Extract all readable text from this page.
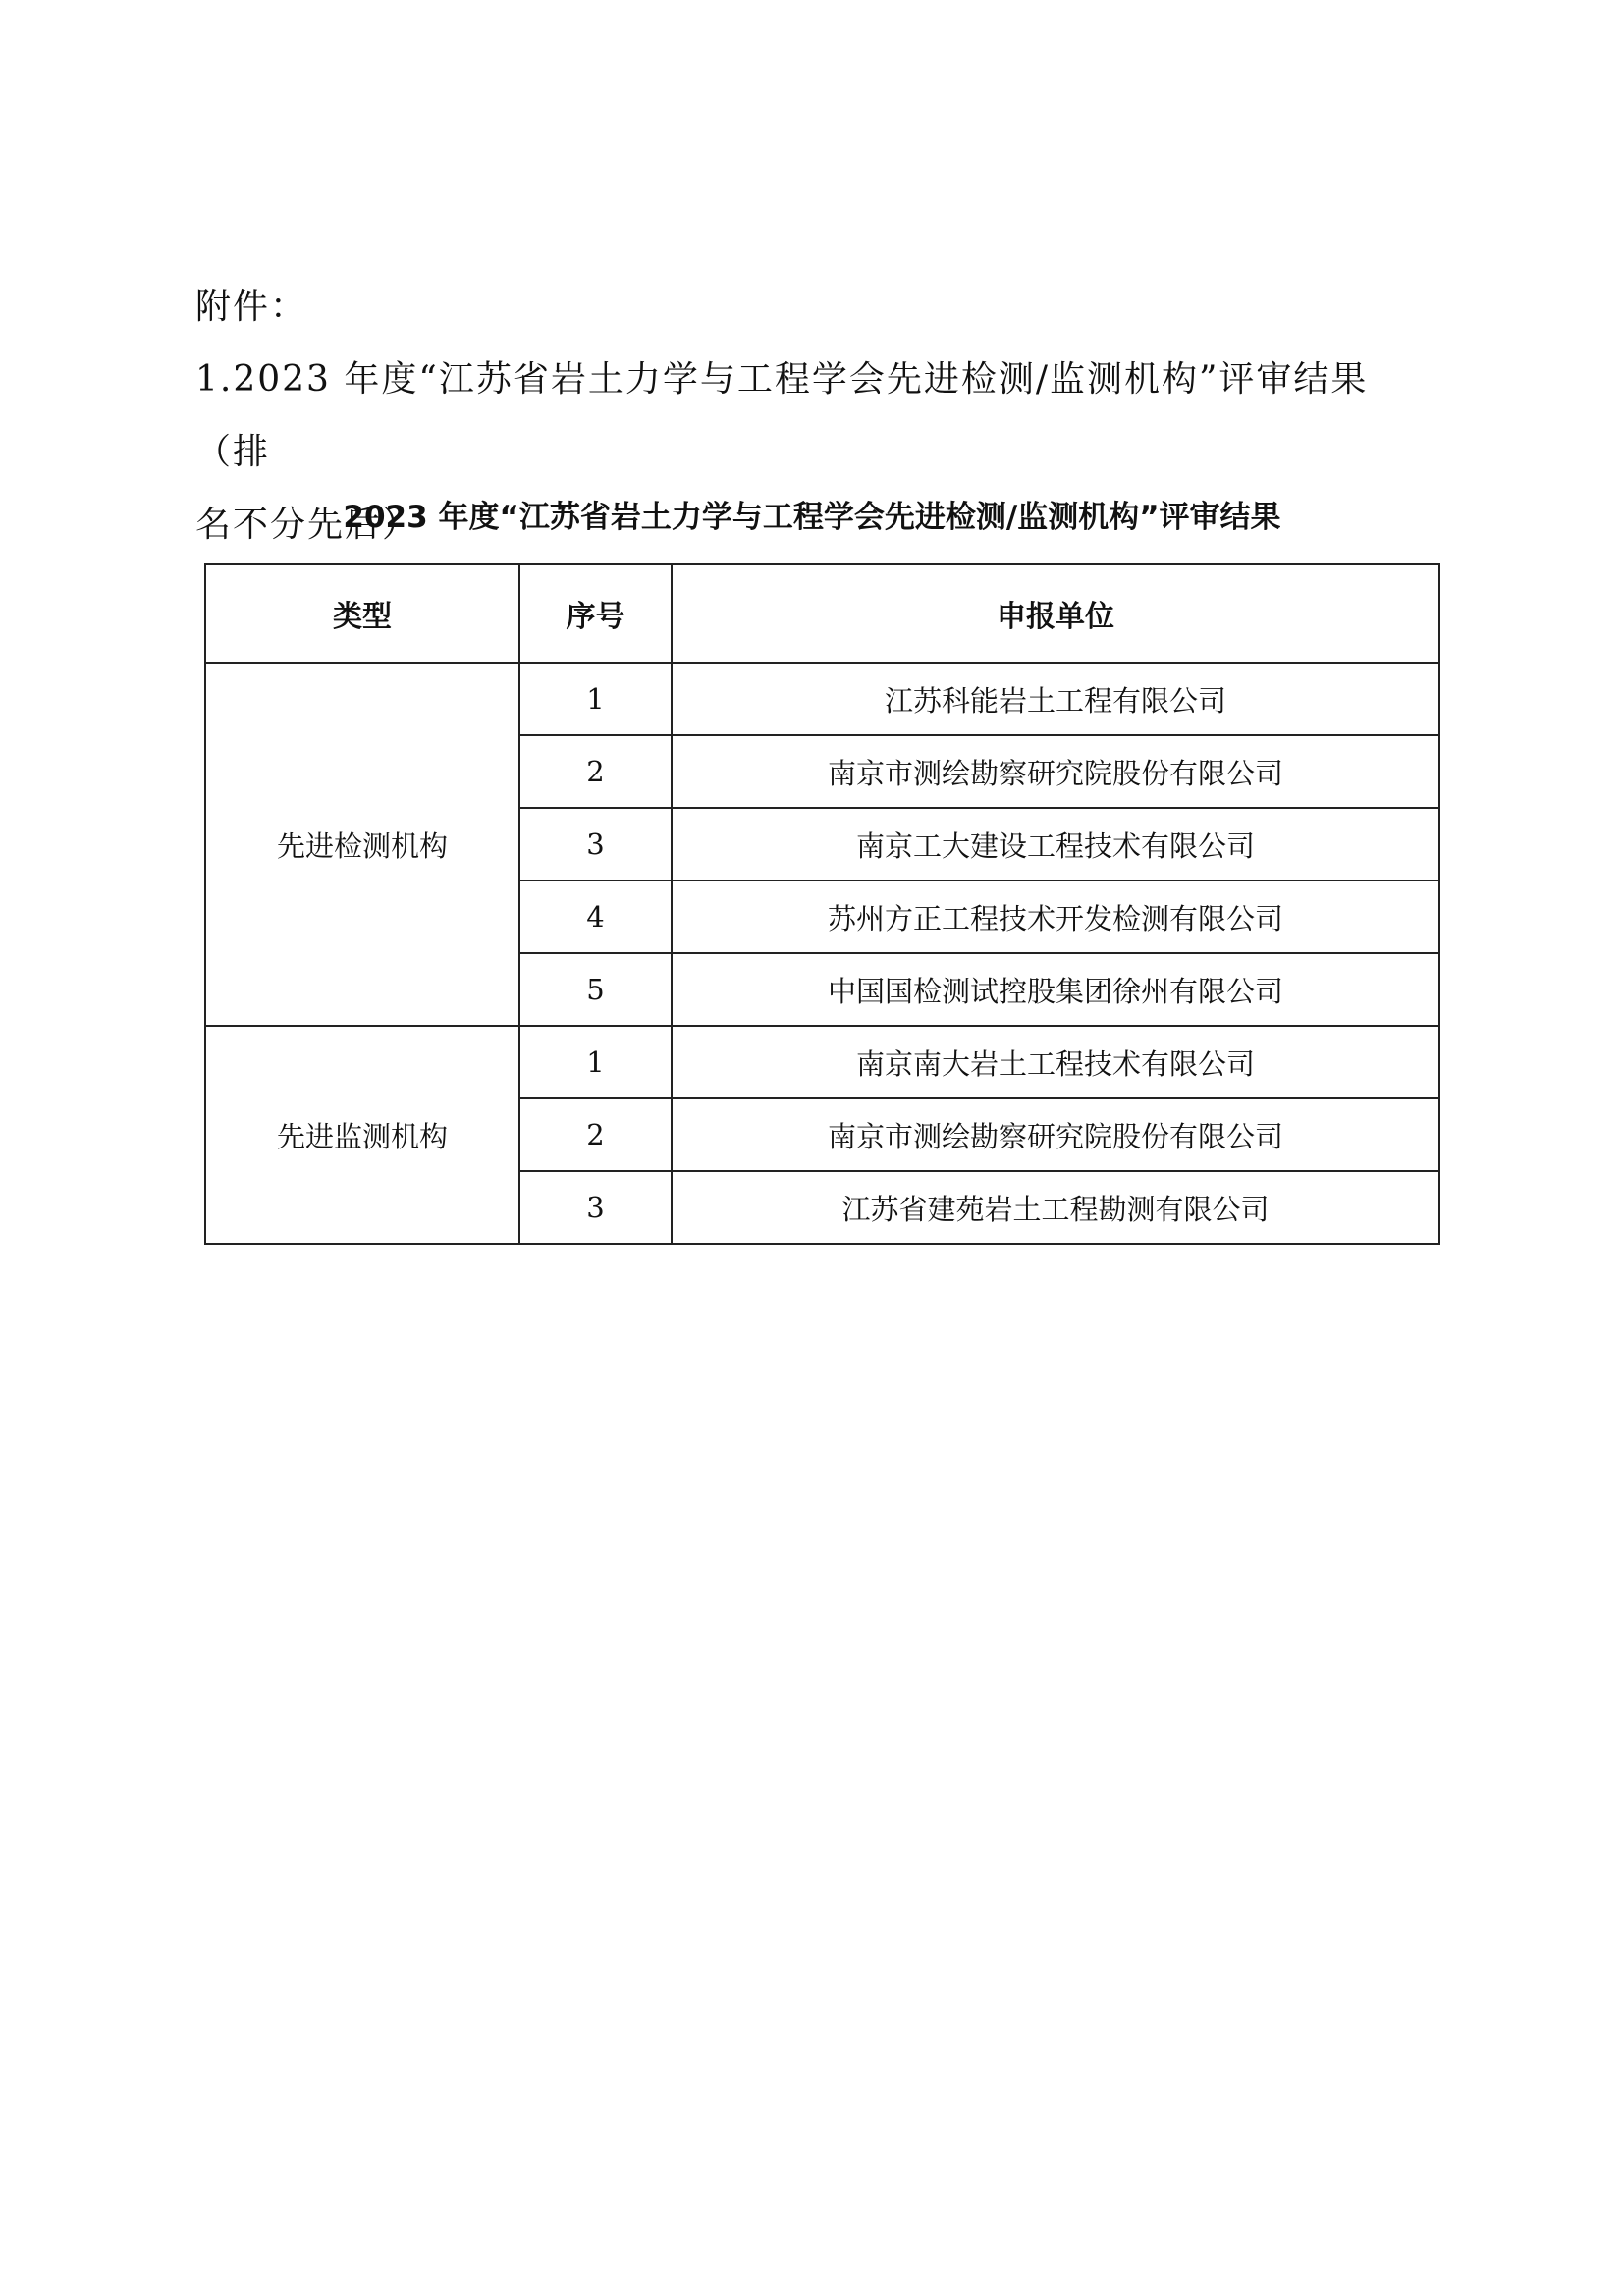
附件：

1.2023 年度“江苏省岩土力学与工程学会先进检测/监测机构”评审结果（排

名不分先后）

2023 年度“江苏省岩土力学与工程学会先进检测/监测机构”评审结果
类型	序号	申报单位
先进检测机构	1	江苏科能岩土工程有限公司
	2	南京市测绘勘察研究院股份有限公司
	3	南京工大建设工程技术有限公司
	4	苏州方正工程技术开发检测有限公司
	5	中国国检测试控股集团徐州有限公司
先进监测机构	1	南京南大岩土工程技术有限公司
	2	南京市测绘勘察研究院股份有限公司
	3	江苏省建苑岩土工程勘测有限公司
